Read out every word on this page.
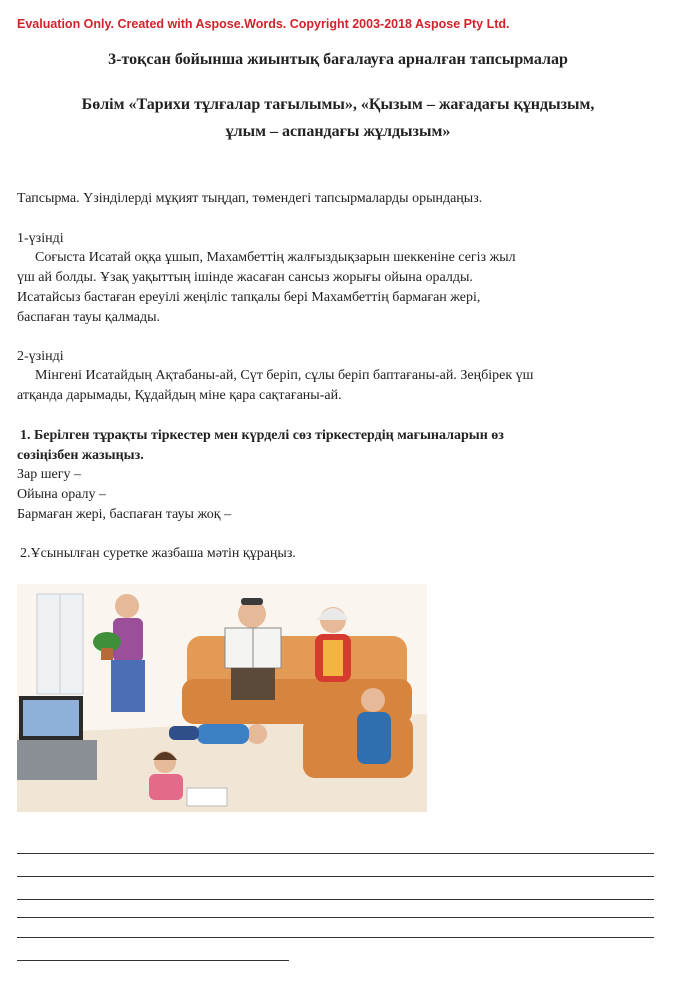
Evaluation Only. Created with Aspose.Words. Copyright 2003-2018 Aspose Pty Ltd.
3-тоқсан бойынша жиынтық бағалауға арналған тапсырмалар
Бөлім «Тарихи тұлғалар тағылымы», «Қызым – жағадағы құндызым,
ұлым – аспандағы жұлдызым»
Тапсырма. Үзінділерді мұқият тыңдап, төмендегі тапсырмаларды орындаңыз.
1-үзінді
Соғыста Исатай оққа ұшып, Махамбеттің жалғыздықзарын шеккеніне сегіз жыл
үш ай болды. Ұзақ уақыттың ішінде жасаған сансыз жорығы ойына оралды.
Исатайсыз бастаған ереуілі жеңіліс тапқалы бері Махамбеттің бармаған жері,
баспаған тауы қалмады.
2-үзінді
Мінгені Исатайдың Ақтабаны-ай, Сүт беріп, сұлы беріп баптағаны-ай. Зеңбірек үш
атқанда дарымады, Құдайдың міне қара сақтағаны-ай.
1. Берілген тұрақты тіркестер мен күрделі сөз тіркестердің мағыналарын өз
сөзіңізбен жазыңыз.
Зар шегу –
Ойына оралу –
Бармаған жері, баспаған тауы жоқ –
2.Ұсынылған суретке жазбаша мәтін құраңыз.
